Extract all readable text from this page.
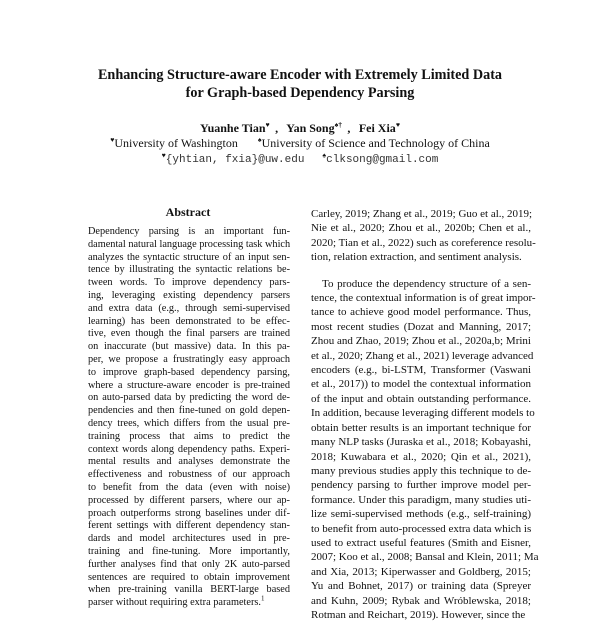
Enhancing Structure-aware Encoder with Extremely Limited Data
for Graph-based Dependency Parsing
Yuanhe Tian♥ , Yan Song♠† , Fei Xia♥
♥University of Washington	♠University of Science and Technology of China
♥{yhtian, fxia}@uw.edu	♠clksong@gmail.com
Abstract
Dependency parsing is an important fun-
damental natural language processing task which
analyzes the syntactic structure of an input sen-
tence by illustrating the syntactic relations be-
tween words. To improve dependency pars-
ing, leveraging existing dependency parsers
and extra data (e.g., through semi-supervised
learning) has been demonstrated to be effec-
tive, even though the final parsers are trained
on inaccurate (but massive) data. In this pa-
per, we propose a frustratingly easy approach
to improve graph-based dependency parsing,
where a structure-aware encoder is pre-trained
on auto-parsed data by predicting the word de-
pendencies and then fine-tuned on gold depen-
dency trees, which differs from the usual pre-
training process that aims to predict the
context words along dependency paths. Experi-
mental results and analyses demonstrate the
effectiveness and robustness of our approach
to benefit from the data (even with noise)
processed by different parsers, where our ap-
proach outperforms strong baselines under dif-
ferent settings with different dependency stan-
dards and model architectures used in pre-
training and fine-tuning. More importantly,
further analyses find that only 2K auto-parsed
sentences are required to obtain improvement
when pre-training vanilla BERT-large based
parser without requiring extra parameters.$^1$
Carley, 2019; Zhang et al., 2019; Guo et al., 2019;
Nie et al., 2020; Zhou et al., 2020b; Chen et al.,
2020; Tian et al., 2022) such as coreference resolu-
tion, relation extraction, and sentiment analysis.
To produce the dependency structure of a sen-
tence, the contextual information is of great impor-
tance to achieve good model performance. Thus,
most recent studies (Dozat and Manning, 2017;
Zhou and Zhao, 2019; Zhou et al., 2020a,b; Mrini
et al., 2020; Zhang et al., 2021) leverage advanced
encoders (e.g., bi-LSTM, Transformer (Vaswani
et al., 2017)) to model the contextual information
of the input and obtain outstanding performance.
In addition, because leveraging different models to
obtain better results is an important technique for
many NLP tasks (Juraska et al., 2018; Kobayashi,
2018; Kuwabara et al., 2020; Qin et al., 2021),
many previous studies apply this technique to de-
pendency parsing to further improve model per-
formance. Under this paradigm, many studies uti-
lize semi-supervised methods (e.g., self-training)
to benefit from auto-processed extra data which is
used to extract useful features (Smith and Eisner,
2007; Koo et al., 2008; Bansal and Klein, 2011; Ma
and Xia, 2013; Kiperwasser and Goldberg, 2015;
Yu and Bohnet, 2017) or training data (Spreyer
and Kuhn, 2009; Rybak and Wróblewska, 2018;
Rotman and Reichart, 2019). However, since the
